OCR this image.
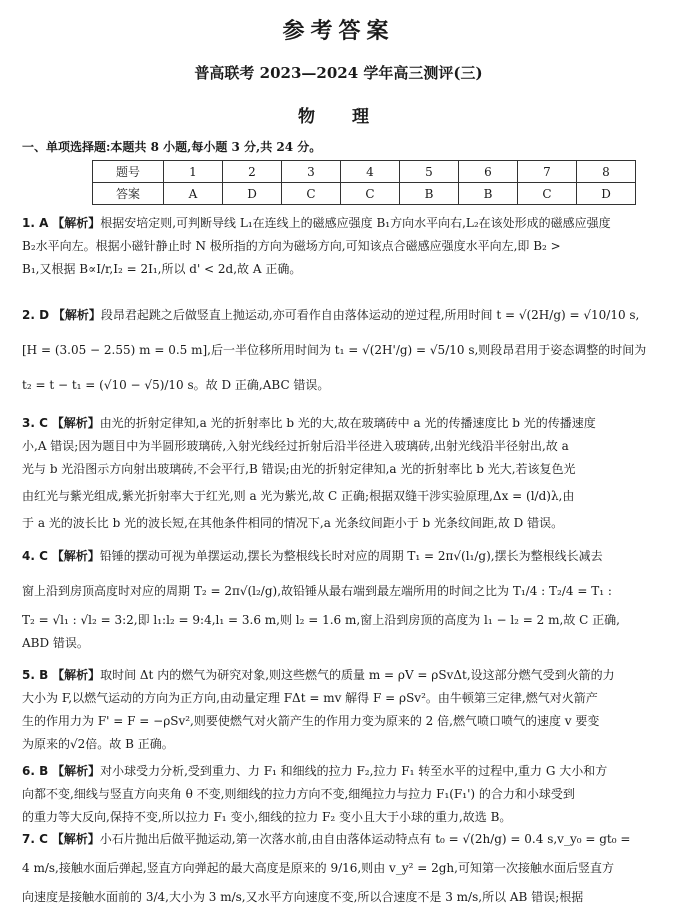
参考答案
普高联考 2023—2024 学年高三测评(三)
物　理
一、单项选择题:本题共 8 小题,每小题 3 分,共 24 分。
题号	1	2	3	4	5	6	7	8
答案	A	D	C	C	B	B	C	D
1. A 【解析】根据安培定则,可判断导线 L₁在连线上的磁感应强度 B₁方向水平向右,L₂在该处形成的磁感应强度
B₂水平向左。根据小磁针静止时 N 极所指的方向为磁场方向,可知该点合磁感应强度水平向左,即 B₂ >
B₁,又根据 B∝I/r,I₂ = 2I₁,所以 d' < 2d,故 A 正确。
2. D 【解析】段昂君起跳之后做竖直上抛运动,亦可看作自由落体运动的逆过程,所用时间 t = √(2H/g) = √10/10 s,
[H = (3.05 − 2.55) m = 0.5 m],后一半位移所用时间为 t₁ = √(2H'/g) = √5/10 s,则段昂君用于姿态调整的时间为
t₂ = t − t₁ = (√10 − √5)/10 s。故 D 正确,ABC 错误。
3. C 【解析】由光的折射定律知,a 光的折射率比 b 光的大,故在玻璃砖中 a 光的传播速度比 b 光的传播速度
小,A 错误;因为题目中为半圆形玻璃砖,入射光线经过折射后沿半径进入玻璃砖,出射光线沿半径射出,故 a
光与 b 光沿图示方向射出玻璃砖,不会平行,B 错误;由光的折射定律知,a 光的折射率比 b 光大,若该复色光
由红光与紫光组成,紫光折射率大于红光,则 a 光为紫光,故 C 正确;根据双缝干涉实验原理,Δx = (l/d)λ,由
于 a 光的波长比 b 光的波长短,在其他条件相同的情况下,a 光条纹间距小于 b 光条纹间距,故 D 错误。
4. C 【解析】铅锤的摆动可视为单摆运动,摆长为整根线长时对应的周期 T₁ = 2π√(l₁/g),摆长为整根线长减去
窗上沿到房顶高度时对应的周期 T₂ = 2π√(l₂/g),故铅锤从最右端到最左端所用的时间之比为 T₁/4 : T₂/4 = T₁ :
T₂ = √l₁ : √l₂ = 3:2,即 l₁:l₂ = 9:4,l₁ = 3.6 m,则 l₂ = 1.6 m,窗上沿到房顶的高度为 l₁ − l₂ = 2 m,故 C 正确,
ABD 错误。
5. B 【解析】取时间 Δt 内的燃气为研究对象,则这些燃气的质量 m = ρV = ρSvΔt,设这部分燃气受到火箭的力
大小为 F,以燃气运动的方向为正方向,由动量定理 FΔt = mv 解得 F = ρSv²。由牛顿第三定律,燃气对火箭产
生的作用力为 F' = F = −ρSv²,则要使燃气对火箭产生的作用力变为原来的 2 倍,燃气喷口喷气的速度 v 要变
为原来的√2倍。故 B 正确。
6. B 【解析】对小球受力分析,受到重力、力 F₁ 和细线的拉力 F₂,拉力 F₁ 转至水平的过程中,重力 G 大小和方
向都不变,细线与竖直方向夹角 θ 不变,则细线的拉力方向不变,细绳拉力与拉力 F₁(F₁') 的合力和小球受到
的重力等大反向,保持不变,所以拉力 F₁ 变小,细线的拉力 F₂ 变小且大于小球的重力,故选 B。
7. C 【解析】小石片抛出后做平抛运动,第一次落水前,由自由落体运动特点有 t₀ = √(2h/g) = 0.4 s,v_y₀ = gt₀ =
4 m/s,接触水面后弹起,竖直方向弹起的最大高度是原来的 9/16,则由 v_y² = 2gh,可知第一次接触水面后竖直方
向速度是接触水面前的 3/4,大小为 3 m/s,又水平方向速度不变,所以合速度不是 3 m/s,所以 AB 错误;根据
